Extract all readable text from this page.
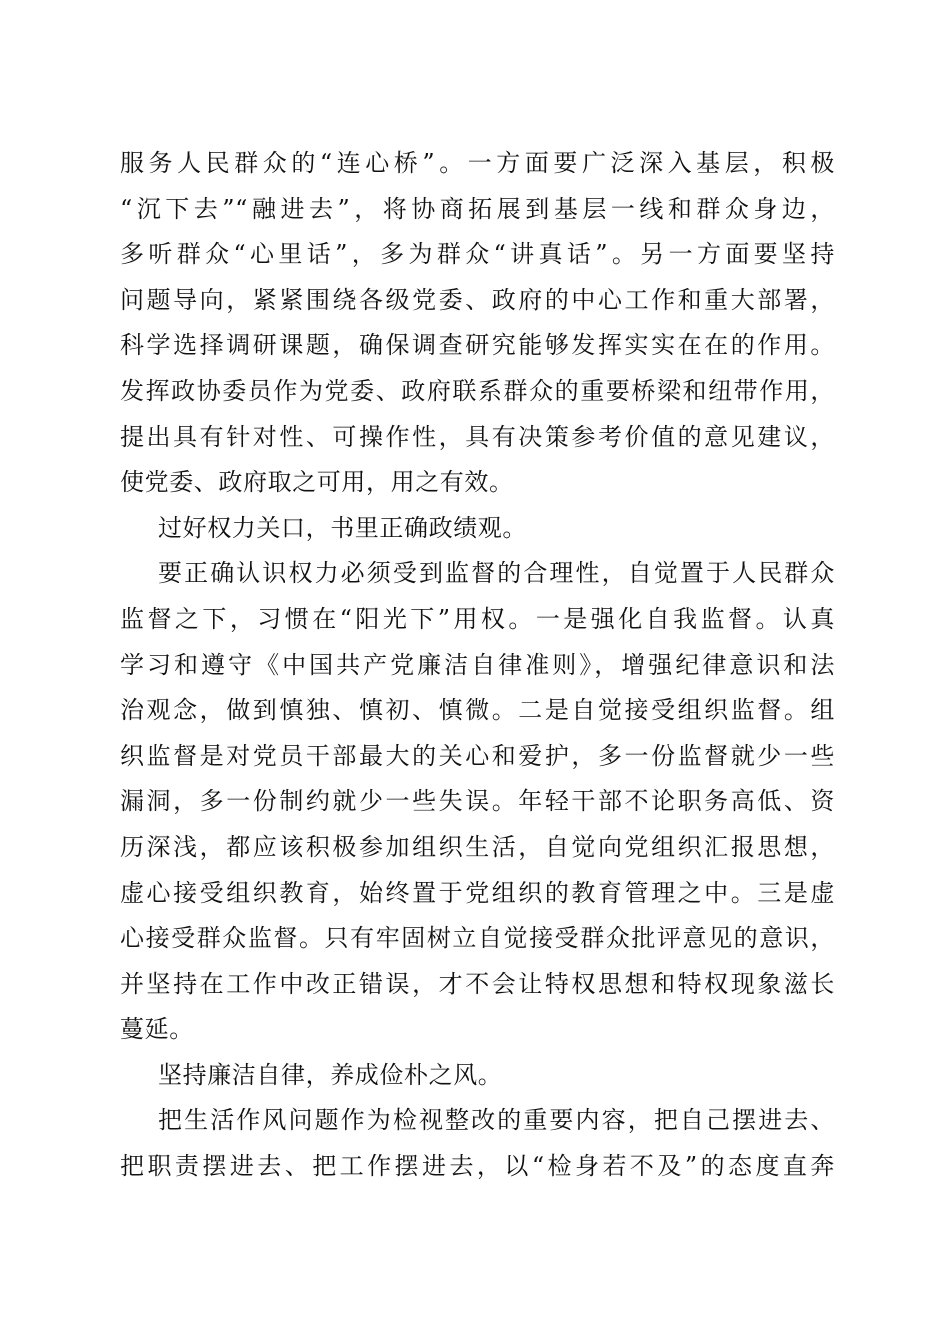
服务人民群众的“连心桥”。一方面要广泛深入基层，积极
“沉下去”“融进去”，将协商拓展到基层一线和群众身边，
多听群众“心里话”，多为群众“讲真话”。另一方面要坚持
问题导向，紧紧围绕各级党委、政府的中心工作和重大部署，
科学选择调研课题，确保调查研究能够发挥实实在在的作用。
发挥政协委员作为党委、政府联系群众的重要桥梁和纽带作用，
提出具有针对性、可操作性，具有决策参考价值的意见建议，
使党委、政府取之可用，用之有效。
过好权力关口，书里正确政绩观。
要正确认识权力必须受到监督的合理性，自觉置于人民群众
监督之下，习惯在“阳光下”用权。一是强化自我监督。认真
学习和遵守《中国共产党廉洁自律准则》，增强纪律意识和法
治观念，做到慎独、慎初、慎微。二是自觉接受组织监督。组
织监督是对党员干部最大的关心和爱护，多一份监督就少一些
漏洞，多一份制约就少一些失误。年轻干部不论职务高低、资
历深浅，都应该积极参加组织生活，自觉向党组织汇报思想，
虚心接受组织教育，始终置于党组织的教育管理之中。三是虚
心接受群众监督。只有牢固树立自觉接受群众批评意见的意识，
并坚持在工作中改正错误，才不会让特权思想和特权现象滋长
蔓延。
坚持廉洁自律，养成俭朴之风。
把生活作风问题作为检视整改的重要内容，把自己摆进去、
把职责摆进去、把工作摆进去，以“检身若不及”的态度直奔
